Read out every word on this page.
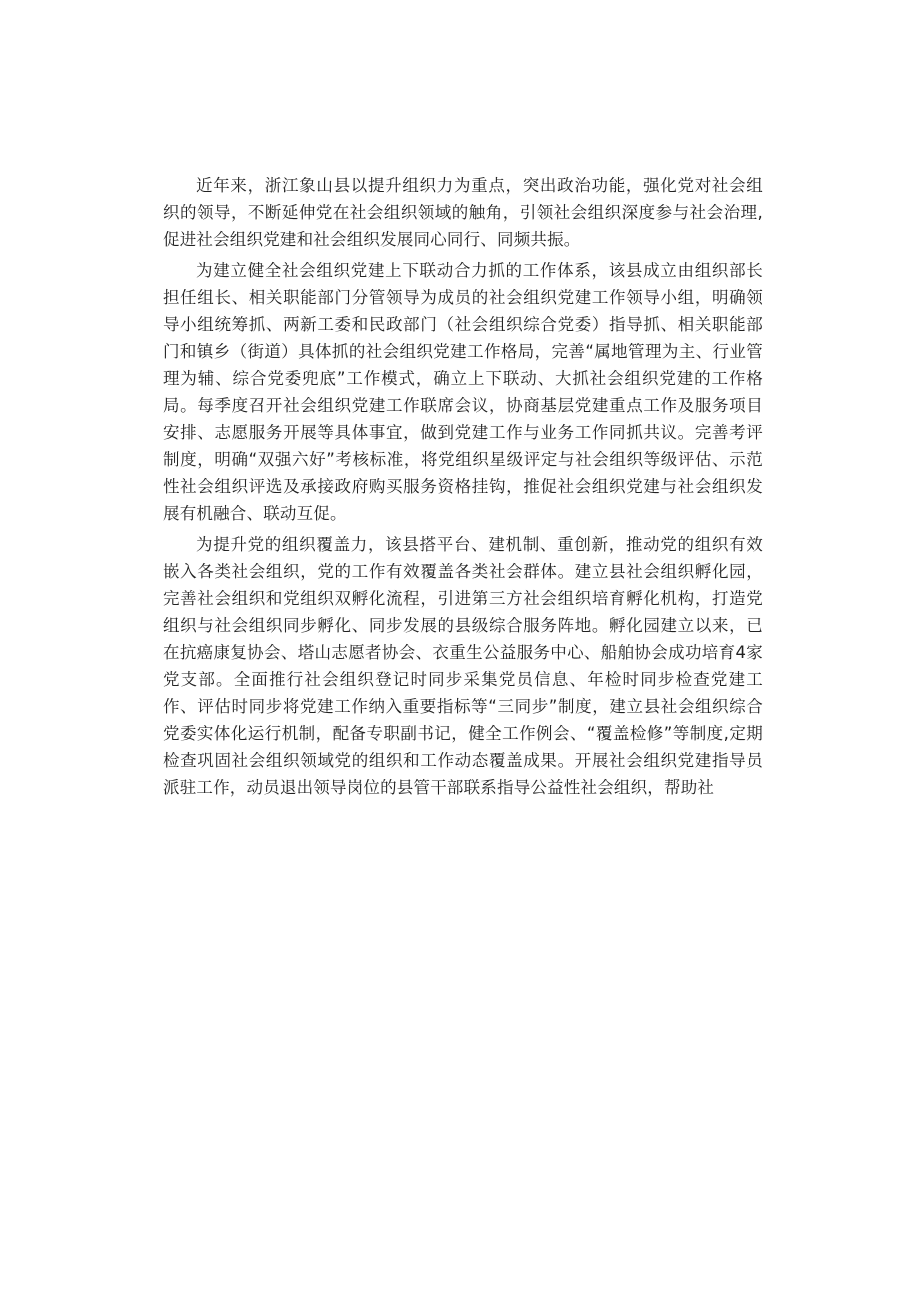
近年来，浙江象山县以提升组织力为重点，突出政治功能，强化党对社会组织的领导，不断延伸党在社会组织领域的触角，引领社会组织深度参与社会治理,促进社会组织党建和社会组织发展同心同行、同频共振。

为建立健全社会组织党建上下联动合力抓的工作体系，该县成立由组织部长担任组长、相关职能部门分管领导为成员的社会组织党建工作领导小组，明确领导小组统筹抓、两新工委和民政部门（社会组织综合党委）指导抓、相关职能部门和镇乡（街道）具体抓的社会组织党建工作格局，完善“属地管理为主、行业管理为辅、综合党委兜底”工作模式，确立上下联动、大抓社会组织党建的工作格局。每季度召开社会组织党建工作联席会议，协商基层党建重点工作及服务项目安排、志愿服务开展等具体事宜，做到党建工作与业务工作同抓共议。完善考评制度，明确“双强六好”考核标准，将党组织星级评定与社会组织等级评估、示范性社会组织评选及承接政府购买服务资格挂钩，推促社会组织党建与社会组织发展有机融合、联动互促。

为提升党的组织覆盖力，该县搭平台、建机制、重创新，推动党的组织有效嵌入各类社会组织，党的工作有效覆盖各类社会群体。建立县社会组织孵化园，完善社会组织和党组织双孵化流程，引进第三方社会组织培育孵化机构，打造党组织与社会组织同步孵化、同步发展的县级综合服务阵地。孵化园建立以来，已在抗癌康复协会、塔山志愿者协会、衣重生公益服务中心、船舶协会成功培育4家党支部。全面推行社会组织登记时同步采集党员信息、年检时同步检查党建工作、评估时同步将党建工作纳入重要指标等“三同步”制度，建立县社会组织综合党委实体化运行机制，配备专职副书记，健全工作例会、“覆盖检修”等制度,定期检查巩固社会组织领域党的组织和工作动态覆盖成果。开展社会组织党建指导员派驻工作，动员退出领导岗位的县管干部联系指导公益性社会组织，帮助社
